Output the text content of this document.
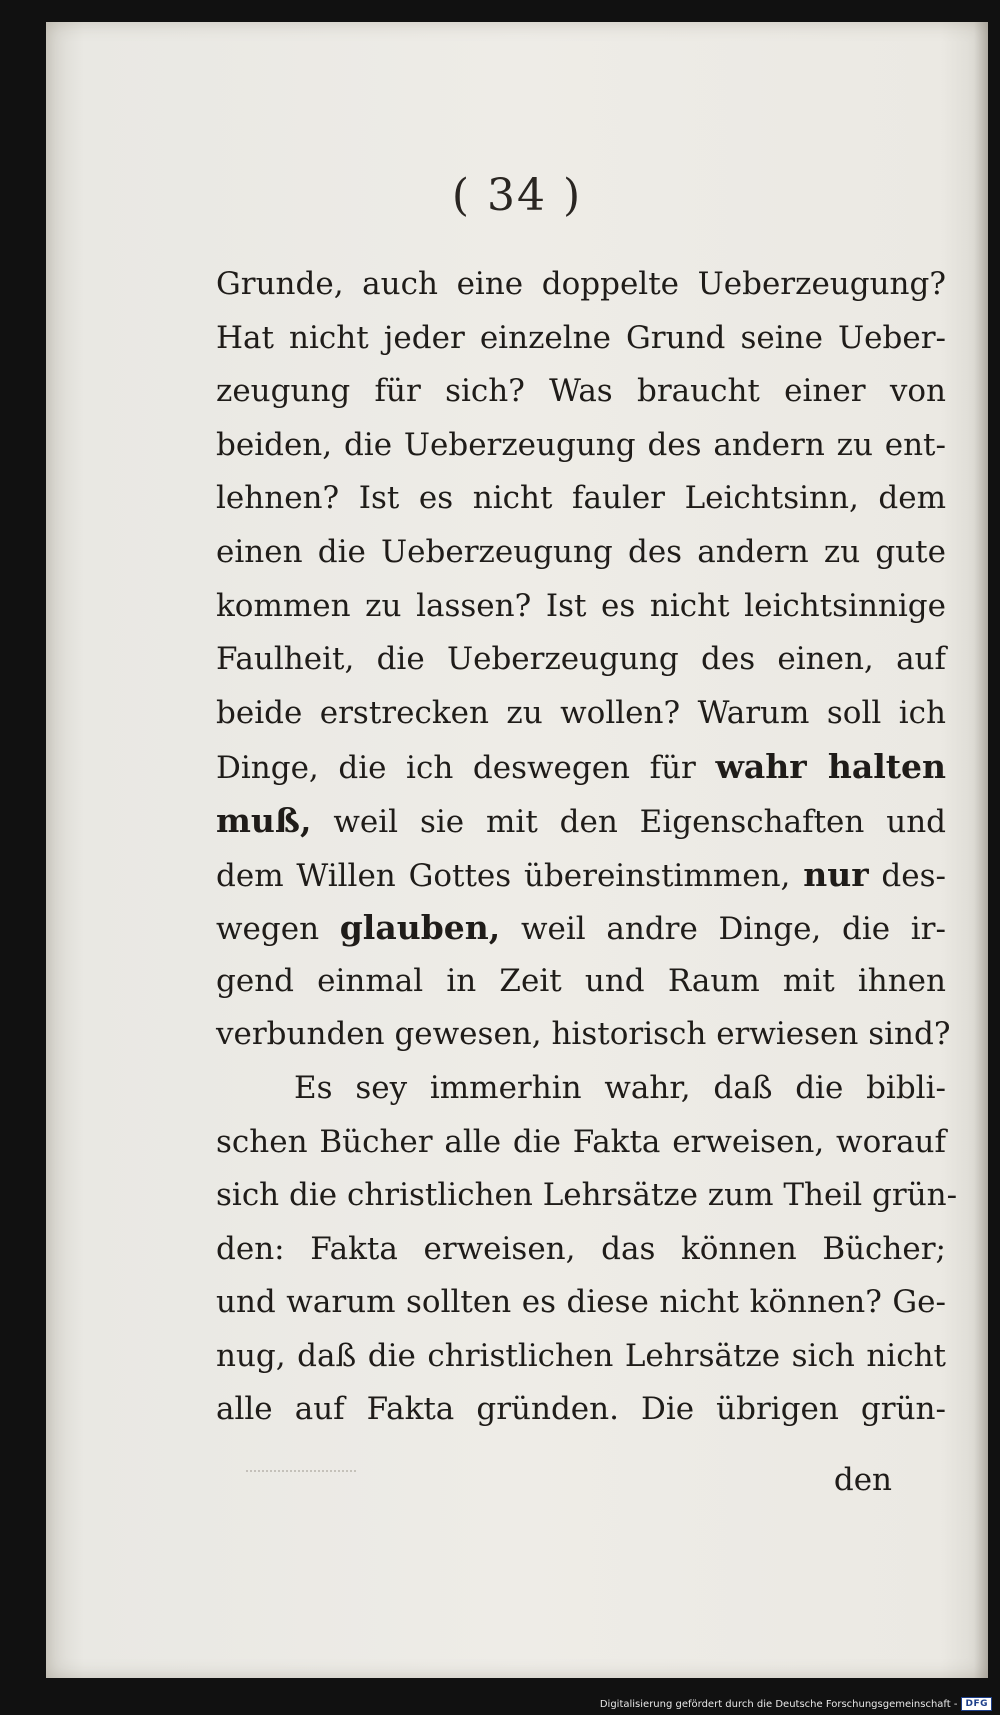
( 34 )
Grunde, auch eine doppelte Ueberzeugung?
Hat nicht jeder einzelne Grund seine Ueber-
zeugung für sich? Was braucht einer von
beiden, die Ueberzeugung des andern zu ent-
lehnen? Ist es nicht fauler Leichtsinn, dem
einen die Ueberzeugung des andern zu gute
kommen zu lassen? Ist es nicht leichtsinnige
Faulheit, die Ueberzeugung des einen, auf
beide erstrecken zu wollen? Warum soll ich
Dinge, die ich deswegen für wahr halten
muß, weil sie mit den Eigenschaften und
dem Willen Gottes übereinstimmen, nur des-
wegen glauben, weil andre Dinge, die ir-
gend einmal in Zeit und Raum mit ihnen
verbunden gewesen, historisch erwiesen sind?
Es sey immerhin wahr, daß die bibli-
schen Bücher alle die Fakta erweisen, worauf
sich die christlichen Lehrsätze zum Theil grün-
den: Fakta erweisen, das können Bücher;
und warum sollten es diese nicht können? Ge-
nug, daß die christlichen Lehrsätze sich nicht
alle auf Fakta gründen. Die übrigen grün-
den
Digitalisierung gefördert durch die Deutsche Forschungsgemeinschaft - DFG
